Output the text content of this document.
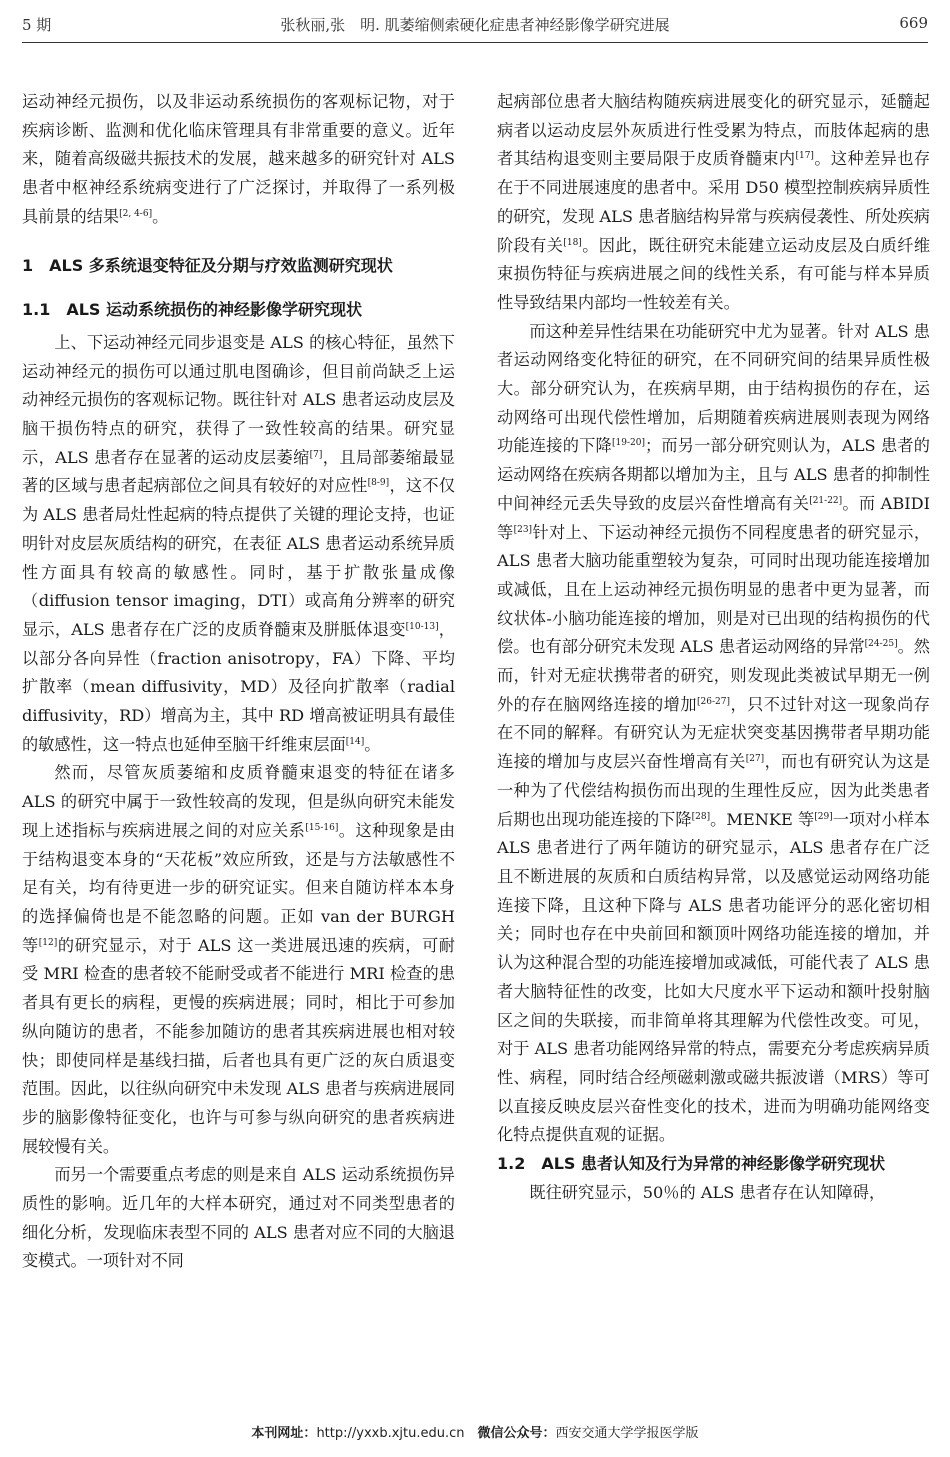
5 期	张秋丽,张　明. 肌萎缩侧索硬化症患者神经影像学研究进展	669

运动神经元损伤，以及非运动系统损伤的客观标记物，对于疾病诊断、监测和优化临床管理具有非常重要的意义。近年来，随着高级磁共振技术的发展，越来越多的研究针对 ALS 患者中枢神经系统病变进行了广泛探讨，并取得了一系列极具前景的结果[2, 4-6]。

1　ALS 多系统退变特征及分期与疗效监测研究现状
1.1　ALS 运动系统损伤的神经影像学研究现状

上、下运动神经元同步退变是 ALS 的核心特征，虽然下运动神经元的损伤可以通过肌电图确诊，但目前尚缺乏上运动神经元损伤的客观标记物。既往针对 ALS 患者运动皮层及脑干损伤特点的研究，获得了一致性较高的结果。研究显示，ALS 患者存在显著的运动皮层萎缩[7]，且局部萎缩最显著的区域与患者起病部位之间具有较好的对应性[8-9]，这不仅为 ALS 患者局灶性起病的特点提供了关键的理论支持，也证明针对皮层灰质结构的研究，在表征 ALS 患者运动系统异质性方面具有较高的敏感性。同时，基于扩散张量成像（diffusion tensor imaging，DTI）或高角分辨率的研究显示，ALS 患者存在广泛的皮质脊髓束及胼胝体退变[10-13]，以部分各向异性（fraction anisotropy，FA）下降、平均扩散率（mean diffusivity，MD）及径向扩散率（radial diffusivity，RD）增高为主，其中 RD 增高被证明具有最佳的敏感性，这一特点也延伸至脑干纤维束层面[14]。

然而，尽管灰质萎缩和皮质脊髓束退变的特征在诸多 ALS 的研究中属于一致性较高的发现，但是纵向研究未能发现上述指标与疾病进展之间的对应关系[15-16]。这种现象是由于结构退变本身的“天花板”效应所致，还是与方法敏感性不足有关，均有待更进一步的研究证实。但来自随访样本本身的选择偏倚也是不能忽略的问题。正如 van der BURGH 等[12]的研究显示，对于 ALS 这一类进展迅速的疾病，可耐受 MRI 检查的患者较不能耐受或者不能进行 MRI 检查的患者具有更长的病程，更慢的疾病进展；同时，相比于可参加纵向随访的患者，不能参加随访的患者其疾病进展也相对较快；即使同样是基线扫描，后者也具有更广泛的灰白质退变范围。因此，以往纵向研究中未发现 ALS 患者与疾病进展同步的脑影像特征变化，也许与可参与纵向研究的患者疾病进展较慢有关。

而另一个需要重点考虑的则是来自 ALS 运动系统损伤异质性的影响。近几年的大样本研究，通过对不同类型患者的细化分析，发现临床表型不同的 ALS 患者对应不同的大脑退变模式。一项针对不同

起病部位患者大脑结构随疾病进展变化的研究显示，延髓起病者以运动皮层外灰质进行性受累为特点，而肢体起病的患者其结构退变则主要局限于皮质脊髓束内[17]。这种差异也存在于不同进展速度的患者中。采用 D50 模型控制疾病异质性的研究，发现 ALS 患者脑结构异常与疾病侵袭性、所处疾病阶段有关[18]。因此，既往研究未能建立运动皮层及白质纤维束损伤特征与疾病进展之间的线性关系，有可能与样本异质性导致结果内部均一性较差有关。

而这种差异性结果在功能研究中尤为显著。针对 ALS 患者运动网络变化特征的研究，在不同研究间的结果异质性极大。部分研究认为，在疾病早期，由于结构损伤的存在，运动网络可出现代偿性增加，后期随着疾病进展则表现为网络功能连接的下降[19-20]；而另一部分研究则认为，ALS 患者的运动网络在疾病各期都以增加为主，且与 ALS 患者的抑制性中间神经元丢失导致的皮层兴奋性增高有关[21-22]。而 ABIDI 等[23]针对上、下运动神经元损伤不同程度患者的研究显示，ALS 患者大脑功能重塑较为复杂，可同时出现功能连接增加或减低，且在上运动神经元损伤明显的患者中更为显著，而纹状体-小脑功能连接的增加，则是对已出现的结构损伤的代偿。也有部分研究未发现 ALS 患者运动网络的异常[24-25]。然而，针对无症状携带者的研究，则发现此类被试早期无一例外的存在脑网络连接的增加[26-27]，只不过针对这一现象尚存在不同的解释。有研究认为无症状突变基因携带者早期功能连接的增加与皮层兴奋性增高有关[27]，而也有研究认为这是一种为了代偿结构损伤而出现的生理性反应，因为此类患者后期也出现功能连接的下降[28]。MENKE 等[29]一项对小样本 ALS 患者进行了两年随访的研究显示，ALS 患者存在广泛且不断进展的灰质和白质结构异常，以及感觉运动网络功能连接下降，且这种下降与 ALS 患者功能评分的恶化密切相关；同时也存在中央前回和额顶叶网络功能连接的增加，并认为这种混合型的功能连接增加或减低，可能代表了 ALS 患者大脑特征性的改变，比如大尺度水平下运动和额叶投射脑区之间的失联接，而非简单将其理解为代偿性改变。可见，对于 ALS 患者功能网络异常的特点，需要充分考虑疾病异质性、病程，同时结合经颅磁刺激或磁共振波谱（MRS）等可以直接反映皮层兴奋性变化的技术，进而为明确功能网络变化特点提供直观的证据。

1.2　ALS 患者认知及行为异常的神经影像学研究现状

既往研究显示，50％的 ALS 患者存在认知障碍，

本刊网址：http://yxxb.xjtu.edu.cn　 微信公众号：西安交通大学学报医学版
